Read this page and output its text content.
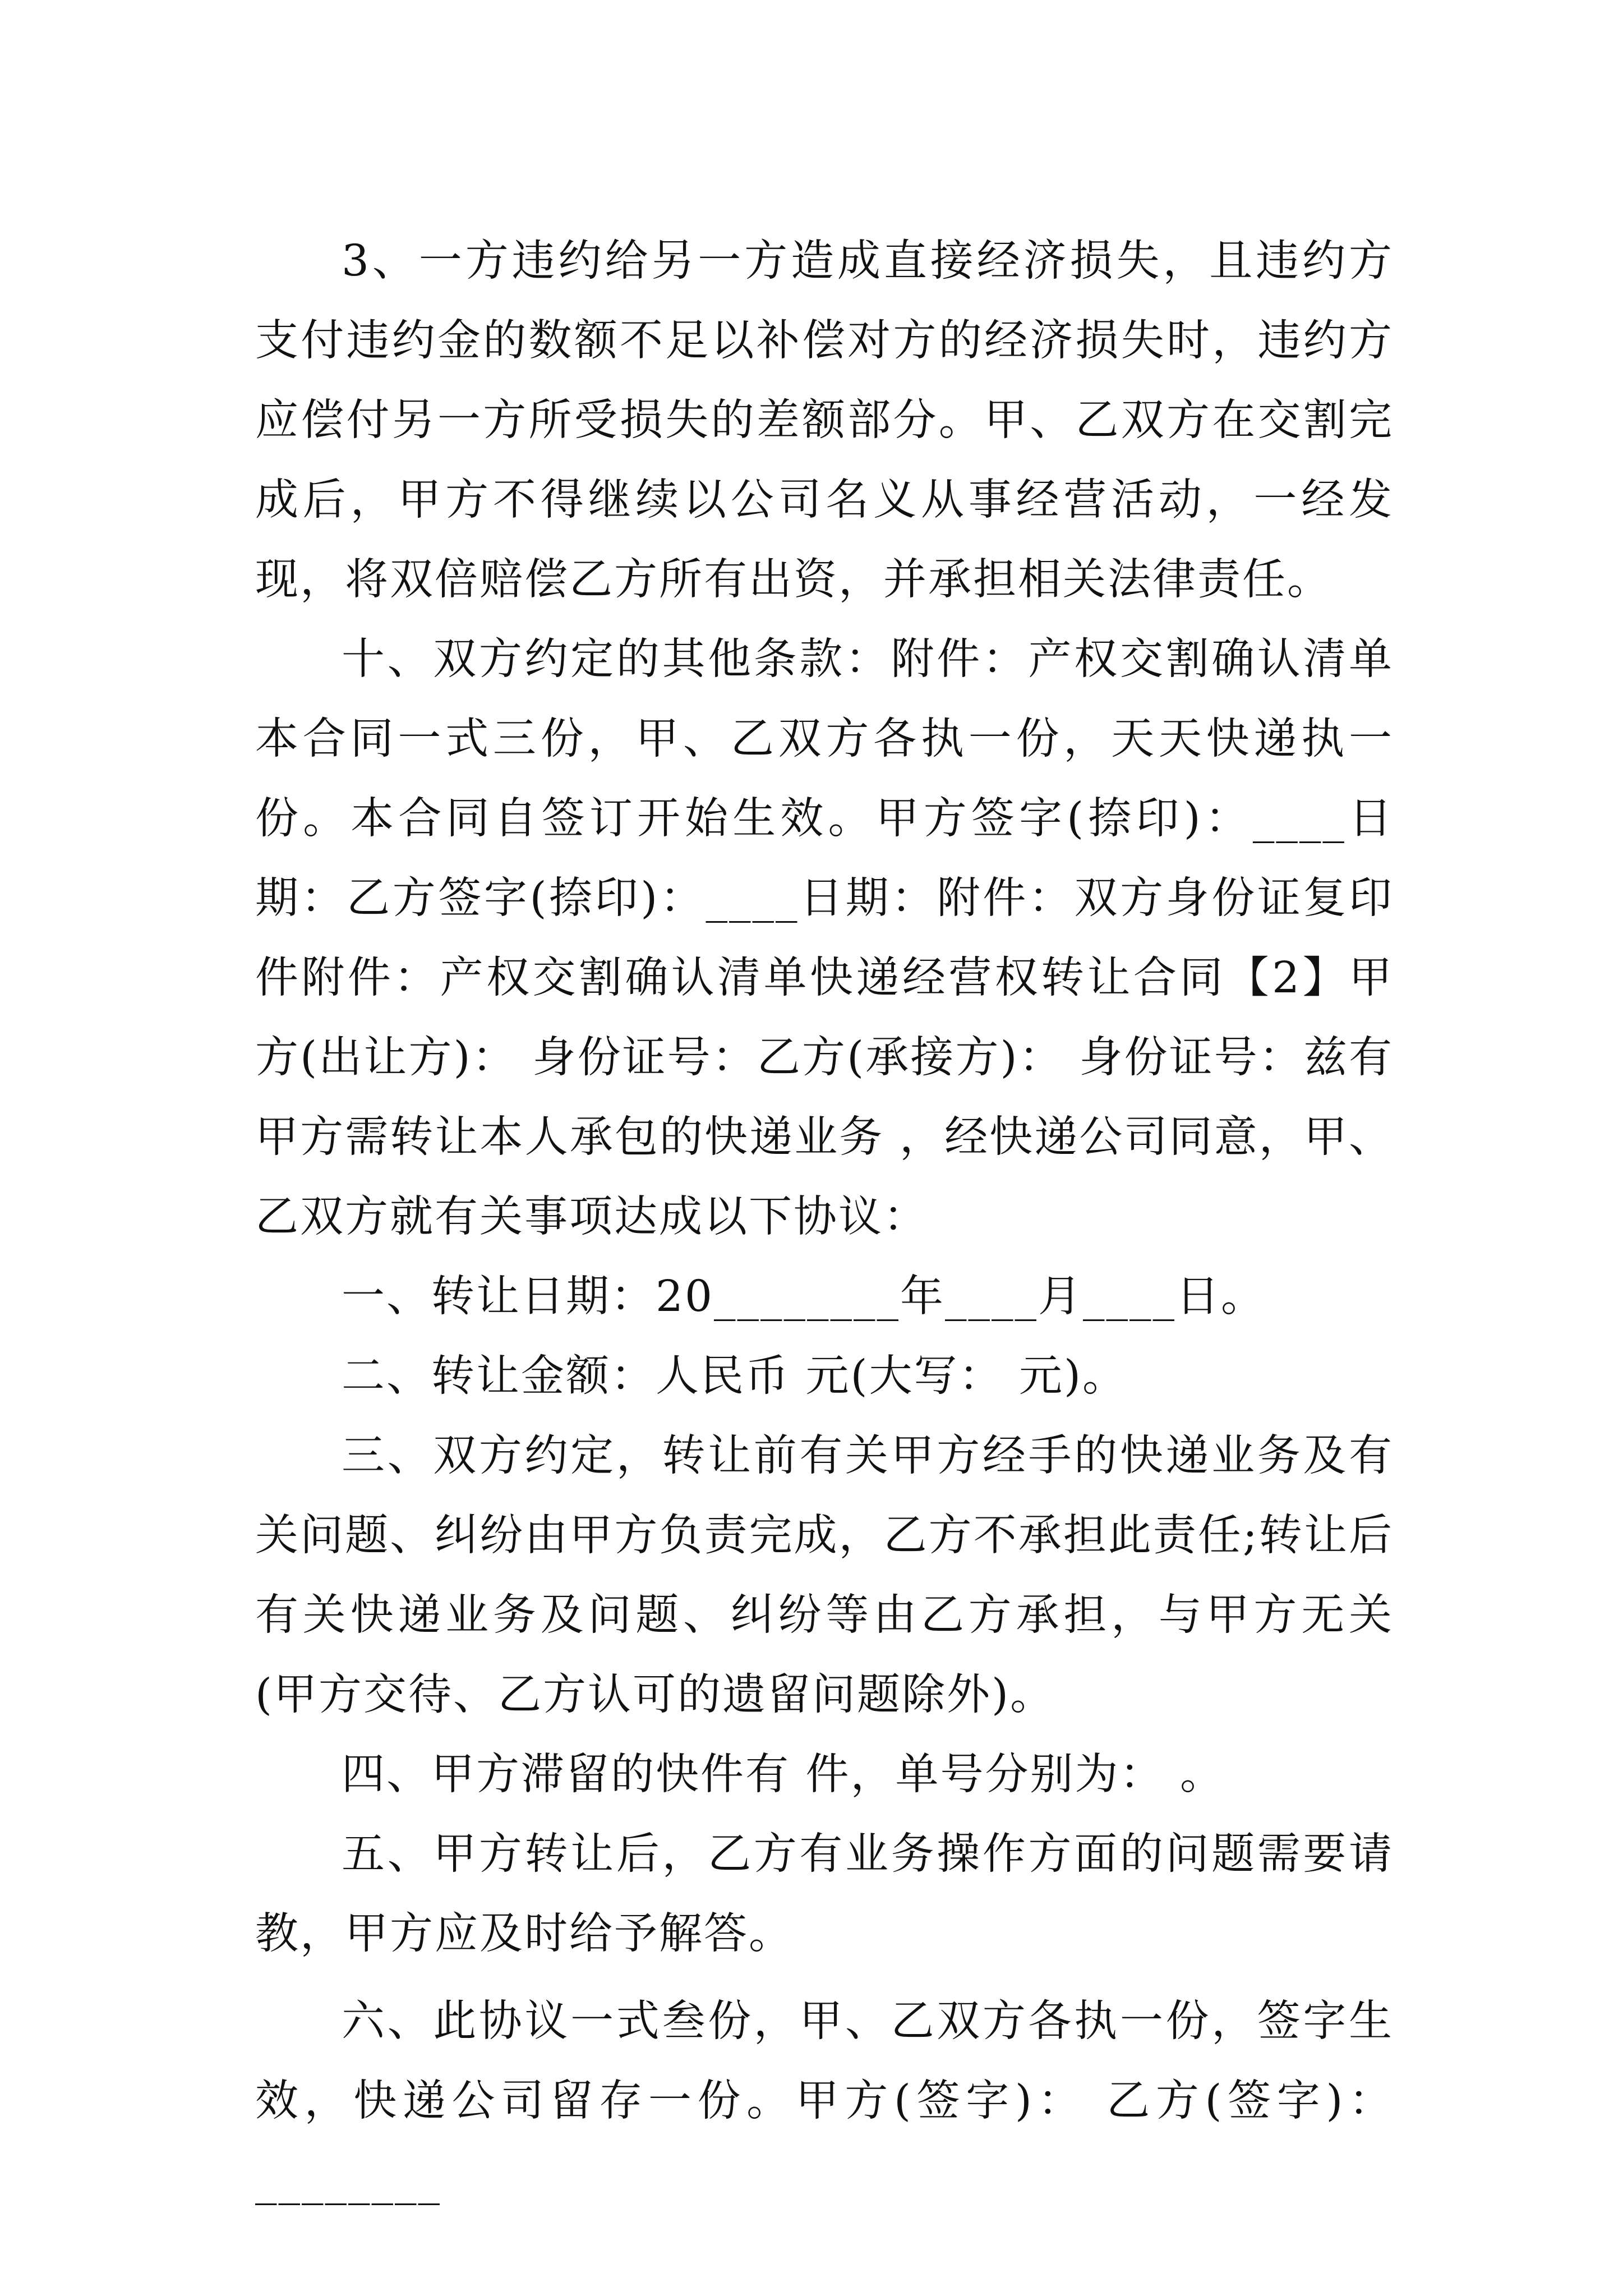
3、一方违约给另一方造成直接经济损失，且违约方支付违约金的数额不足以补偿对方的经济损失时，违约方应偿付另一方所受损失的差额部分。甲、乙双方在交割完成后，甲方不得继续以公司名义从事经营活动，一经发现，将双倍赔偿乙方所有出资，并承担相关法律责任。

十、双方约定的其他条款：附件：产权交割确认清单本合同一式三份，甲、乙双方各执一份，天天快递执一份。本合同自签订开始生效。甲方签字(捺印)：____日期：乙方签字(捺印)：____日期：附件：双方身份证复印件附件：产权交割确认清单快递经营权转让合同【2】甲方(出让方)： 身份证号：乙方(承接方)： 身份证号：兹有甲方需转让本人承包的快递业务 ，经快递公司同意，甲、乙双方就有关事项达成以下协议：

一、转让日期：20________年____月____日。

二、转让金额：人民币 元(大写： 元)。

三、双方约定，转让前有关甲方经手的快递业务及有关问题、纠纷由甲方负责完成，乙方不承担此责任;转让后有关快递业务及问题、纠纷等由乙方承担，与甲方无关(甲方交待、乙方认可的遗留问题除外)。

四、甲方滞留的快件有 件，单号分别为： 。

五、甲方转让后，乙方有业务操作方面的问题需要请教，甲方应及时给予解答。

六、此协议一式叁份，甲、乙双方各执一份，签字生效，快递公司留存一份。甲方(签字)： 乙方(签字)：________
